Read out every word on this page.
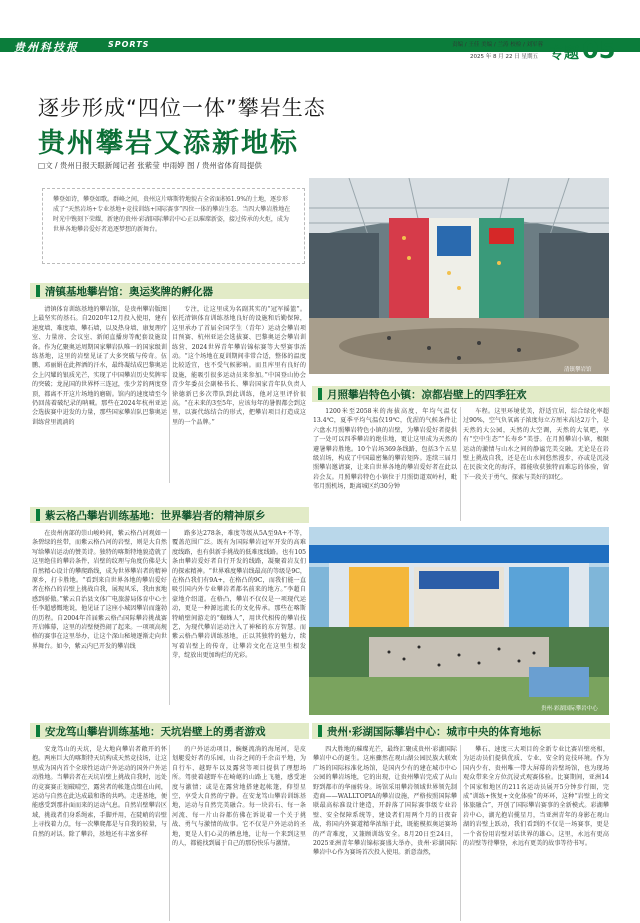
贵州科技报	SPORTS	责编 / 王佳 美编 / 兰涛 校检 / 刘军蓉
2025 年 8 月 22 日 星期五 专题 05
逐步形成“四位一体”攀岩生态
贵州攀岩又添新地标
□文 / 贵州日报天眼新闻记者 张紫莹 申雨婷 图 / 贵州省体育局提供
攀登如诗，攀登如歌。群峰之间，贵州这片喀斯特地貌占全省面积61.9%的土地，逐步形成了“天然岩场+专业基地+竞技训练+国际赛事”四位一体的攀岩生态。当四大攀岩胜地在时光中镌刻下荣耀，新建的贵州·彩湖国际攀岩中心正以璀璨新姿，接过传承的火炬，成为世界各地攀岩爱好者追逐梦想的新舞台。
清镇攀岩馆
清镇基地攀岩馆：奥运奖牌的孵化器

清镇体育训练基地的攀岩馆，是贵州攀岩版图上最坚实的基石。自2020年12月投入使用，建有速度墙、难度墙、攀石墙，以及热身墙、康复理疗室、力量房、会议室、新闻直播房等配套设施设备。作为亿聚奥运周期国家攀岩队唯一的国家级训练基地，这里的岩壁见证了大多突破与传奇。伍鹏、邓丽娟在此挥洒的汗水，最终凝结成巴黎奥运会上闪耀的银质光芒，实现了中国攀岩历史奖牌零的突破；龙昆国的世界杯三连冠，张少芳的两度登顶，都离不开这片场地的磨砺。馆内的速度墙至今仍回荡着破纪录的呐喊。那些在2024年杭州亚运会选拔赛中迸发的力量，那些国家攀岩队巴黎奥运训练营里流淌的

专注，让这里成为名副其实的“冠军摇篮”。依托清镇体育训练基地良好的设施和后勤保障，这里承办了首届全国学生（青年）运动会攀岩项目预赛、杭州亚运会选拔赛、巴黎奥运会攀岩训练营、2024世界青年攀岩锦标赛等大型赛事活动。“这个场地在夏训期间非常合适，整体的温度比较适宜，也不受气候影响。而且库里有良好的设施，能吸引很多运动员来参加。”中国登山协会青少年委员会副秘书长、攀岩国家青年队负责人徐德新已多次带队到此训练，他对这里评价很高。“在未来的3至5年，应该每年的暑假都会到这里，以赛代练结合的形式，把攀岩项目打造成这里的一个品牌。”

月照攀岩特色小镇：凉都岩壁上的四季狂欢

1200米至2058米的海拔高度，年均气温仅13.4℃，夏季平均气温仅19℃，优渥的气候条件让六盘水月照攀岩特色小镇的岩壁，为攀岩爱好者提供了一处可以四季攀岩的绝佳地，更让这里成为天然的避暑攀岩胜地。10个岩场369条线路，包括3个五星级岩场，构成了中国最密集的攀岩矩阵。连续三届月照攀岩邀请赛，让来自世界各地的攀岩爱好者在此以岩会友。月照攀岩特色小镇位于月照街道双岭村，毗邻月照机场，距离城区约30分钟

车程。这里环境优美，舒适宜居，综合绿化率超过90%，空气负氧离子浓度每立方厘米高达2万个，是天然的大公园，天然的大空调，天然的大氧吧，享有“空中生态”“长寿乡”美誉。在月照攀岩小镇，极限运动的激情与山水之间的静谧完美交融。无论是在岩壁上挑战自我，还是在山水间悠然漫步，亦或是沉浸在民族文化的海洋，都能收获独特而难忘的体验，留下一段关于勇气、探索与美好的回忆。

紫云格凸攀岩训练基地：世界攀岩者的精神原乡

在贵州南部的崇山峻岭间，紫云格凸河观如一条碧绿的丝带，而紫云格凸河的岩壁，则是大自然写给攀岩运动的赞美诗。独特的喀斯特地貌造就了这里绝佳的攀岩条件，岩壁的纹理与角度仿佛是大自然精心设计的攀爬路线，成为世界攀岩者的精神原乡，打卡胜地。“看到来自世界各地的攀岩爱好者在格凸的岩壁上挑战自我，展现风采，我由衷地感到骄傲。”紫云自治县文体广电旅游局体育中心主任李超感慨地说，他见证了这座小城因攀岩而蓬勃的历程。自2004年首届紫云格凸国际攀岩挑战赛开启帷幕，这里的岩壁便热闹了起来。一项项高规格的赛事在这里举办，让这个深山秘境逐渐走向世界舞台。如今，紫云内已开发的攀岩线

路多达278条，难度等级从5A至9A+不等，覆盖范围广泛。既有为国际攀岩冠军开发的高难度线路，也有供新手挑战的低难度线路。也有105条由攀岩爱好者自行开发的线路，凝聚着岩友们的探索精神。“世界难度攀岩线最高的等级是9C，在格凸我们有9A+，在格凸的9C，而我们能一直吸引国内外专业攀岩者都名前来的地方。”李超自豪地介绍道。在格凸，攀岩不仅仅是一项现代运动，更是一种源远流长的文化传承。那些在喀斯特峭壁间游走的“蜘蛛人”，用世代相传的攀岩技艺，为现代攀岩运动注入了神秘的东方智慧。而紫云格凸攀岩训练基地，正以其独特的魅力，续写着岩壁上的传奇，让攀岩文化在这里生根发芽，绽放出更加绚烂的光彩。

贵州·彩湖国际攀岩中心
安龙笃山攀岩训练基地：天坑岩壁上的勇者游戏

安龙笃山的天坑，是大地向攀岩者敞开的怀抱。两座巨大的喀斯特天坑构成天然竞技场，让这里成为国内首个全球性运动户外运动的国外户外运动胜地。当攀岩者在天坑岩壁上挑战自我时，远处的竞赛赛正划破晴空，露营者的帐篷点缀在山间，运动与自然在此达成最和谐的共鸣。走进基地，便能感受到那扑面而来的运动气息。自然岩壁攀岩区域，挑战者们身系绳索，手脚并用，在陡峭的岩壁上寻找着力点，每一次攀爬都是与自我的较量，与自然的对话。除了攀岩，基地还有丰富多样

的户外运动项目，蜿蜒流淌的海尾河，是皮划艇爱好者的乐园，山谷之间的千余亩平地，为自行车、越野车以及露营等项目提供了理想场所。驾驶着越野车在崎岖的山路上飞驰，感受速度与激情；或是在露营地搭建起帐篷，仰望星空，享受大自然的宁静。在安龙笃山攀岩训练基地，运动与自然完美融合。每一块岩石、每一条河流、每一片山谷都仿佛在诉说着一个关于挑战、勇气与激情的故事。它不仅是户外运动的圣地，更是人们心灵的栖息地，让每一个来到这里的人，都能找到属于自己的那份快乐与激情。

贵州·彩湖国际攀岩中心：城市中央的体育地标

四大胜地的璀璨光芒，最终汇聚成贵州·彩湖国际攀岩中心的诞生。这座骤然在观山湖公园民族大联欢广场的国际标准化场馆，是国内少有的建在城市中心公园的攀岩场地，它的出现，让贵州攀岩完成了从山野到都市的华丽转身。场馆采用攀岩领域世界领先制造商——WALLTOPIA的攀岩设施，严格按照国际攀联最高标准设计建造，开辟落了国际赛事级专业岩壁、安全保障系统等，建设者们用两个月的日夜奋战，将国内外赛道精华浓缩于此，既能模拟奥运赛场的严苛难度，又兼顾训练安全。8月20日至24日，2025亚洲青年攀岩锦标赛盛大举办，贵州·彩湖国际攀岩中心作为赛场首次投入使用。新意盎然，

攀石、速度三大项目的全新专业比赛岩壁亮相，为运动员们提供优质、专业、安全的竞技环境。作为国内少有、贵州唯一带大屏幕的岩壁场馆，也为现场观众带来全方位沉浸式观赛体验。比赛期间，亚洲14个国家和地区的211名运动员展开5分钟步行圈，完成“训练+恢复+文化体验”的环环，这种“岩壁上的文体旅融合”，开创了国际攀岩赛事的全新模式。彩湖攀岩中心，湖光抱岩揽星月，当亚洲青年的身影在观山湖的岩壁上跃动，我们看到的不仅是一场赛事，更是一个省份用岩壁对话世界的雄心。这里，永远有更高的岩壁等待攀登，永远有更美的故事等待书写。
